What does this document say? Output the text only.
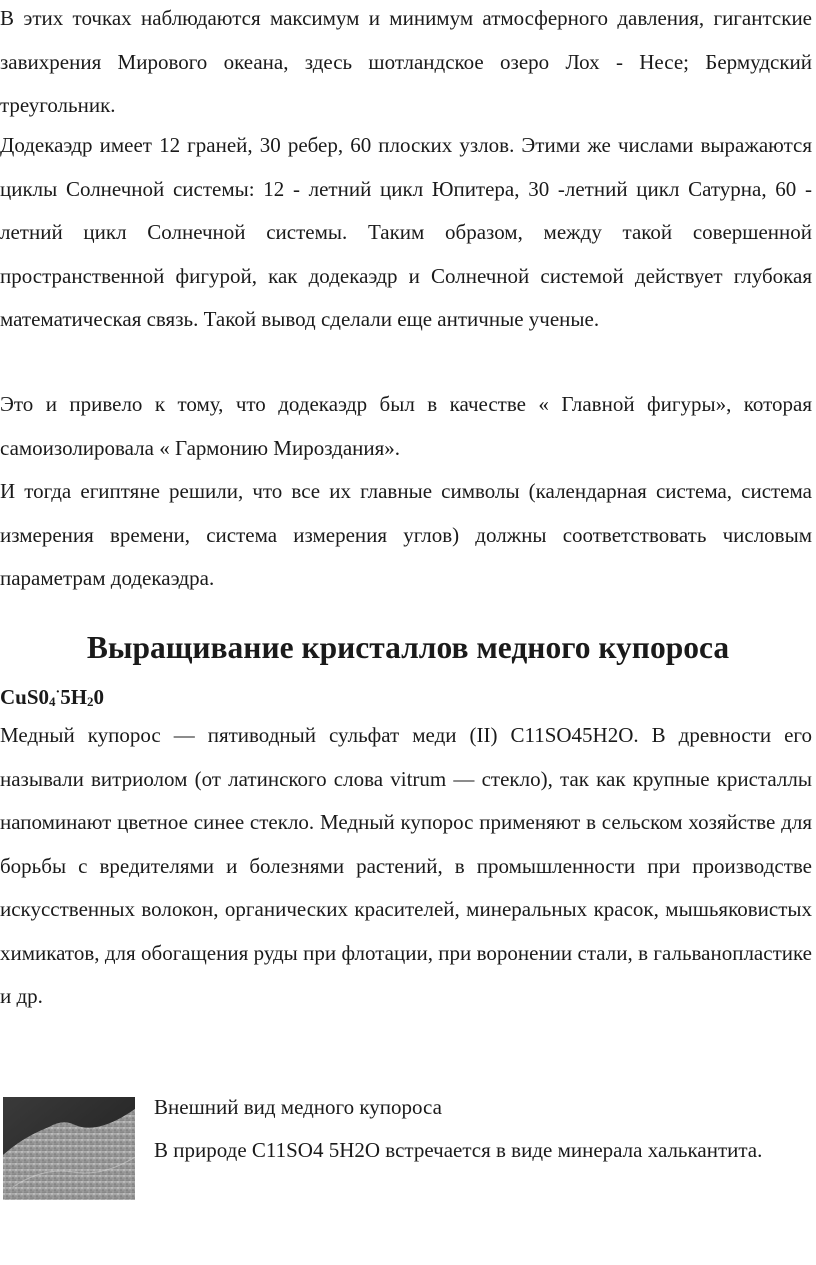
В этих точках наблюдаются максимум и минимум атмосферного давления, гигантские завихрения Мирового океана, здесь шотландское озеро Лох - Несе; Бермудский треугольник.

Додекаэдр имеет 12 граней, 30 ребер, 60 плоских узлов. Этими же числами выражаются циклы Солнечной системы: 12 - летний цикл Юпитера, 30 -летний цикл Сатурна, 60 - летний цикл Солнечной системы. Таким образом, между такой совершенной пространственной фигурой, как додекаэдр и Солнечной системой действует глубокая математическая связь. Такой вывод сделали еще античные ученые.

Это и привело к тому, что додекаэдр был в качестве « Главной фигуры», которая самоизолировала « Гармонию Мироздания».

И тогда египтяне решили, что все их главные символы (календарная система, система измерения времени, система измерения углов) должны соответствовать числовым параметрам додекаэдра.

Выращивание кристаллов медного купороса

$CuS0_4^\cdot 5H_20$

Медный купорос — пятиводный сульфат меди (II) C11SO45H2O. В древности его называли витриолом (от латинского слова vitrum — стекло), так как крупные кристаллы напоминают цветное синее стекло. Медный купорос применяют в сельском хозяйстве для борьбы с вредителями и болезнями растений, в промышленности при производстве искусственных волокон, органических красителей, минеральных красок, мышьяковистых химикатов, для обогащения руды при флотации, при воронении стали, в гальванопластике и др.

Внешний вид медного купороса

В природе C11SO4 5H2O встречается в виде минерала халькантита.
